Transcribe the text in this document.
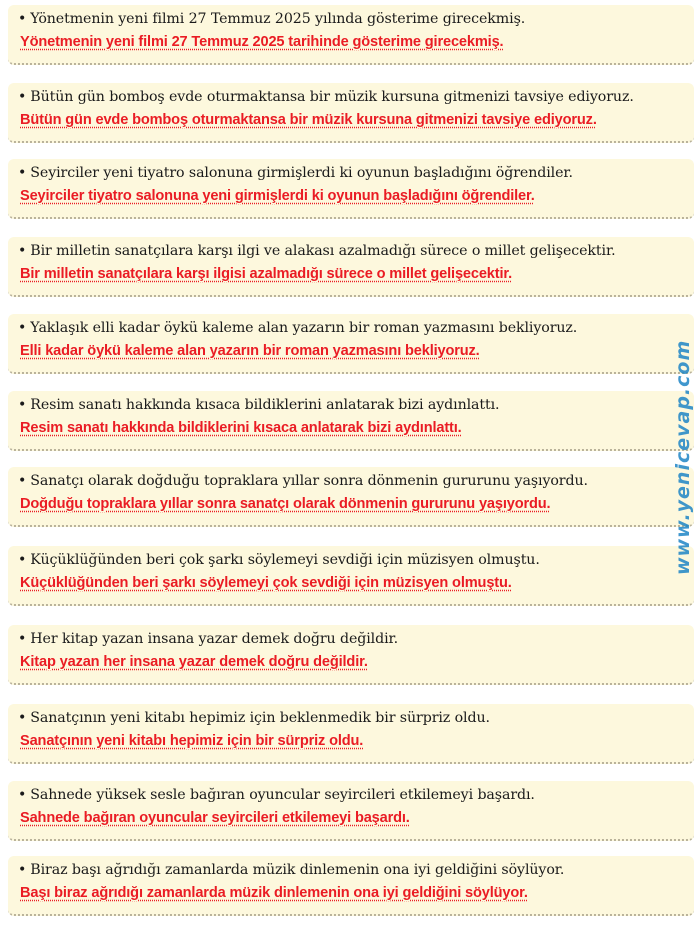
• Yönetmenin yeni filmi 27 Temmuz 2025 yılında gösterime girecekmiş.
Yönetmenin yeni filmi 27 Temmuz 2025 tarihinde gösterime girecekmiş.
• Bütün gün bomboş evde oturmaktansa bir müzik kursuna gitmenizi tavsiye ediyoruz.
Bütün gün evde bomboş oturmaktansa bir müzik kursuna gitmenizi tavsiye ediyoruz.
• Seyirciler yeni tiyatro salonuna girmişlerdi ki oyunun başladığını öğrendiler.
Seyirciler tiyatro salonuna yeni girmişlerdi ki oyunun başladığını öğrendiler.
• Bir milletin sanatçılara karşı ilgi ve alakası azalmadığı sürece o millet gelişecektir.
Bir milletin sanatçılara karşı ilgisi azalmadığı sürece o millet gelişecektir.
• Yaklaşık elli kadar öykü kaleme alan yazarın bir roman yazmasını bekliyoruz.
Elli kadar öykü kaleme alan yazarın bir roman yazmasını bekliyoruz.
• Resim sanatı hakkında kısaca bildiklerini anlatarak bizi aydınlattı.
Resim sanatı hakkında bildiklerini kısaca anlatarak bizi aydınlattı.
• Sanatçı olarak doğduğu topraklara yıllar sonra dönmenin gururunu yaşıyordu.
Doğduğu topraklara yıllar sonra sanatçı olarak dönmenin gururunu yaşıyordu.
• Küçüklüğünden beri çok şarkı söylemeyi sevdiği için müzisyen olmuştu.
Küçüklüğünden beri şarkı söylemeyi çok sevdiği için müzisyen olmuştu.
• Her kitap yazan insana yazar demek doğru değildir.
Kitap yazan her insana yazar demek doğru değildir.
• Sanatçının yeni kitabı hepimiz için beklenmedik bir sürpriz oldu.
Sanatçının yeni kitabı hepimiz için bir sürpriz oldu.
• Sahnede yüksek sesle bağıran oyuncular seyircileri etkilemeyi başardı.
Sahnede bağıran oyuncular seyircileri etkilemeyi başardı.
• Biraz başı ağrıdığı zamanlarda müzik dinlemenin ona iyi geldiğini söylüyor.
Başı biraz ağrıdığı zamanlarda müzik dinlemenin ona iyi geldiğini söylüyor.
www.yenicevap.com
